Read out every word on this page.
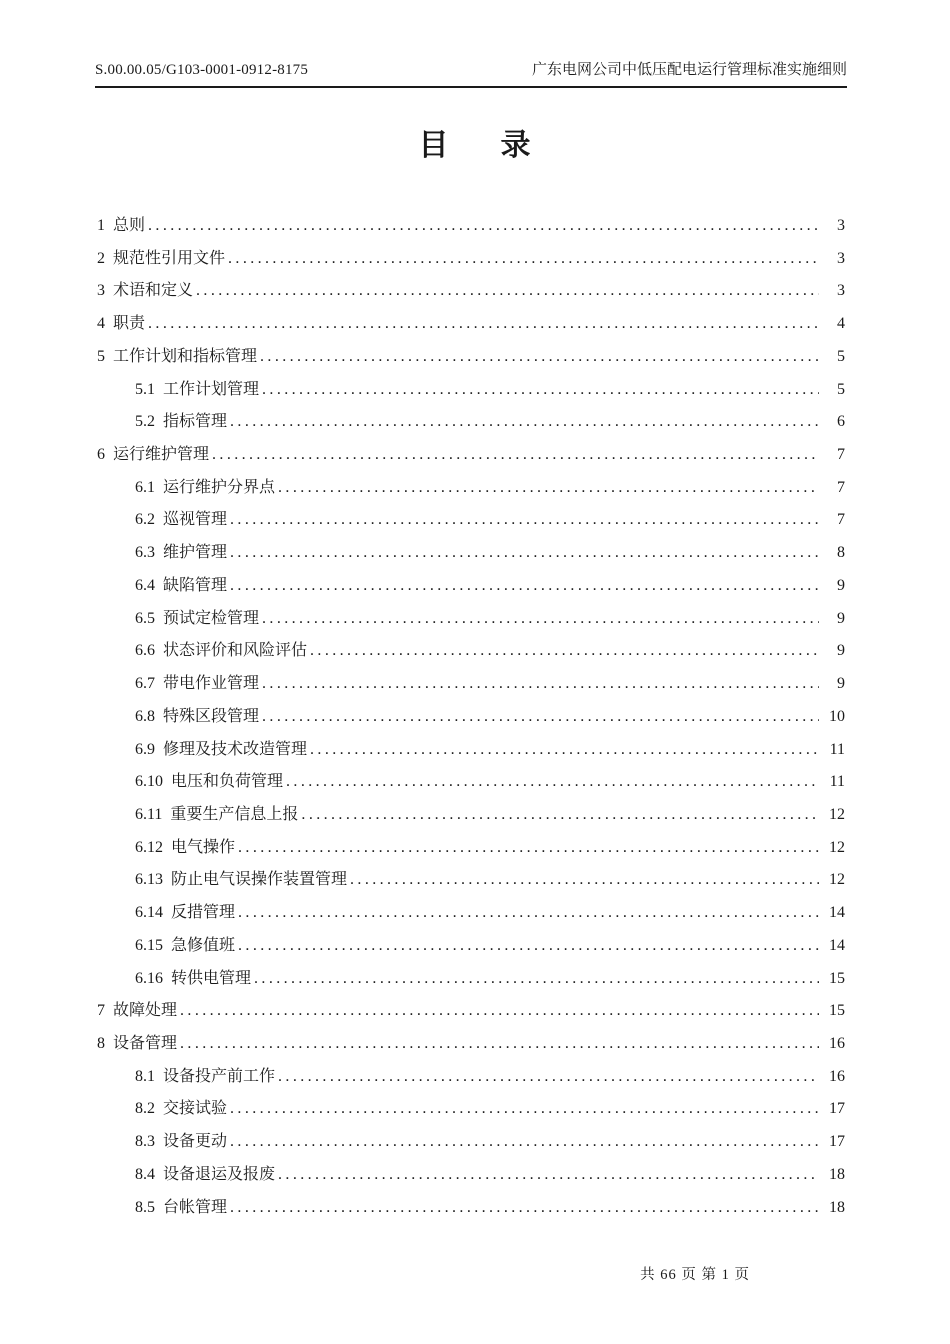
S.00.00.05/G103-0001-0912-8175	广东电网公司中低压配电运行管理标准实施细则
目      录
1 总则 .....	3
2 规范性引用文件 .....	3
3 术语和定义 .....	3
4 职责 .....	4
5 工作计划和指标管理 .....	5
5.1 工作计划管理 .....	5
5.2 指标管理 .....	6
6 运行维护管理 .....	7
6.1 运行维护分界点 .....	7
6.2 巡视管理 .....	7
6.3 维护管理 .....	8
6.4 缺陷管理 .....	9
6.5 预试定检管理 .....	9
6.6 状态评价和风险评估 .....	9
6.7 带电作业管理 .....	9
6.8 特殊区段管理 .....	10
6.9 修理及技术改造管理 .....	11
6.10 电压和负荷管理 .....	11
6.11 重要生产信息上报 .....	12
6.12 电气操作 .....	12
6.13 防止电气误操作装置管理 .....	12
6.14 反措管理 .....	14
6.15 急修值班 .....	14
6.16 转供电管理 .....	15
7 故障处理 .....	15
8 设备管理 .....	16
8.1 设备投产前工作 .....	16
8.2 交接试验 .....	17
8.3 设备更动 .....	17
8.4 设备退运及报废 .....	18
8.5 台帐管理 .....	18
共 66 页 第 1 页
